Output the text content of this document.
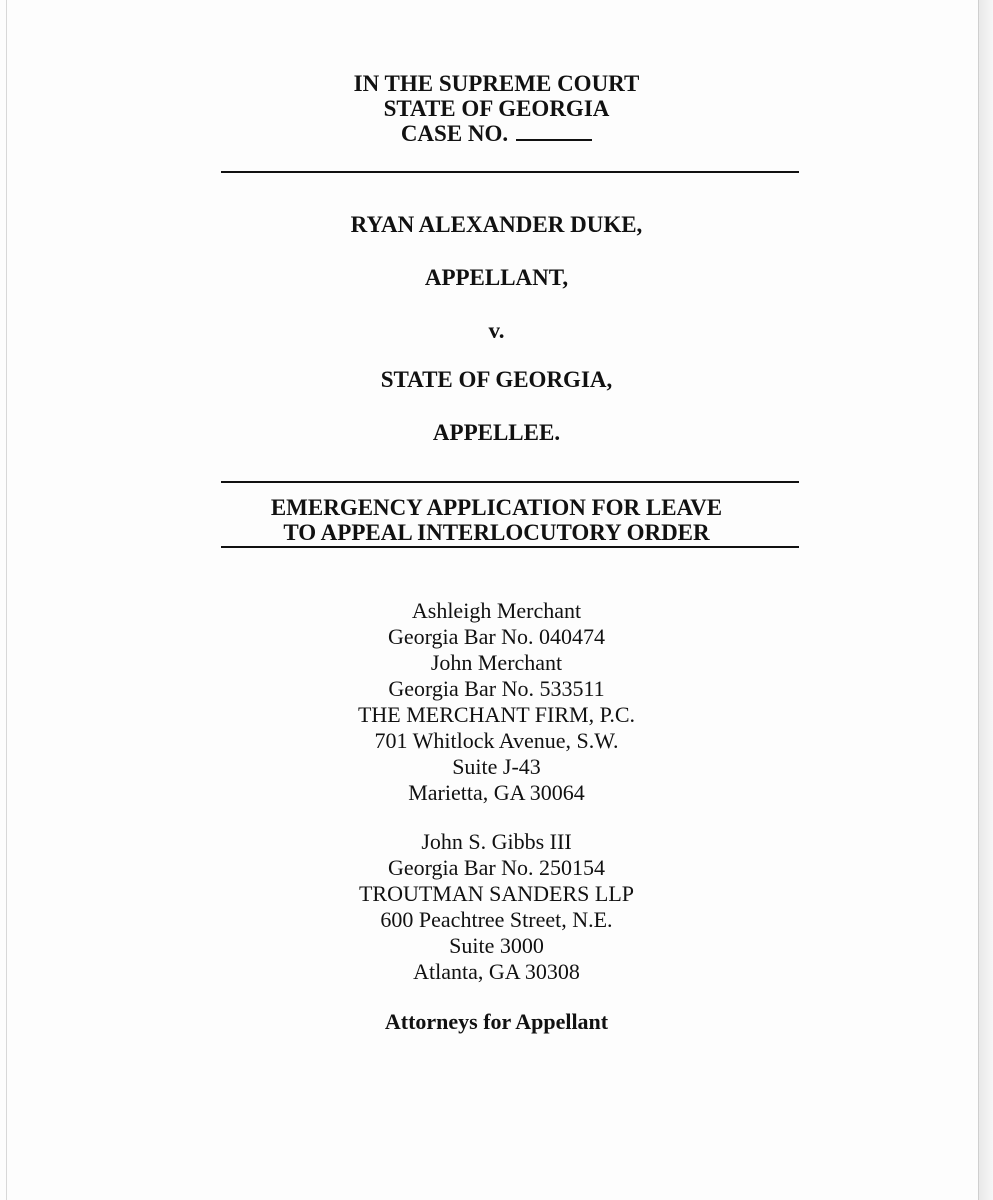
IN THE SUPREME COURT
STATE OF GEORGIA
CASE NO.
RYAN ALEXANDER DUKE,
APPELLANT,
v.
STATE OF GEORGIA,
APPELLEE.
EMERGENCY APPLICATION FOR LEAVE
TO APPEAL INTERLOCUTORY ORDER
Ashleigh Merchant
Georgia Bar No. 040474
John Merchant
Georgia Bar No. 533511
THE MERCHANT FIRM, P.C.
701 Whitlock Avenue, S.W.
Suite J-43
Marietta, GA 30064
John S. Gibbs III
Georgia Bar No. 250154
TROUTMAN SANDERS LLP
600 Peachtree Street, N.E.
Suite 3000
Atlanta, GA 30308
Attorneys for Appellant
